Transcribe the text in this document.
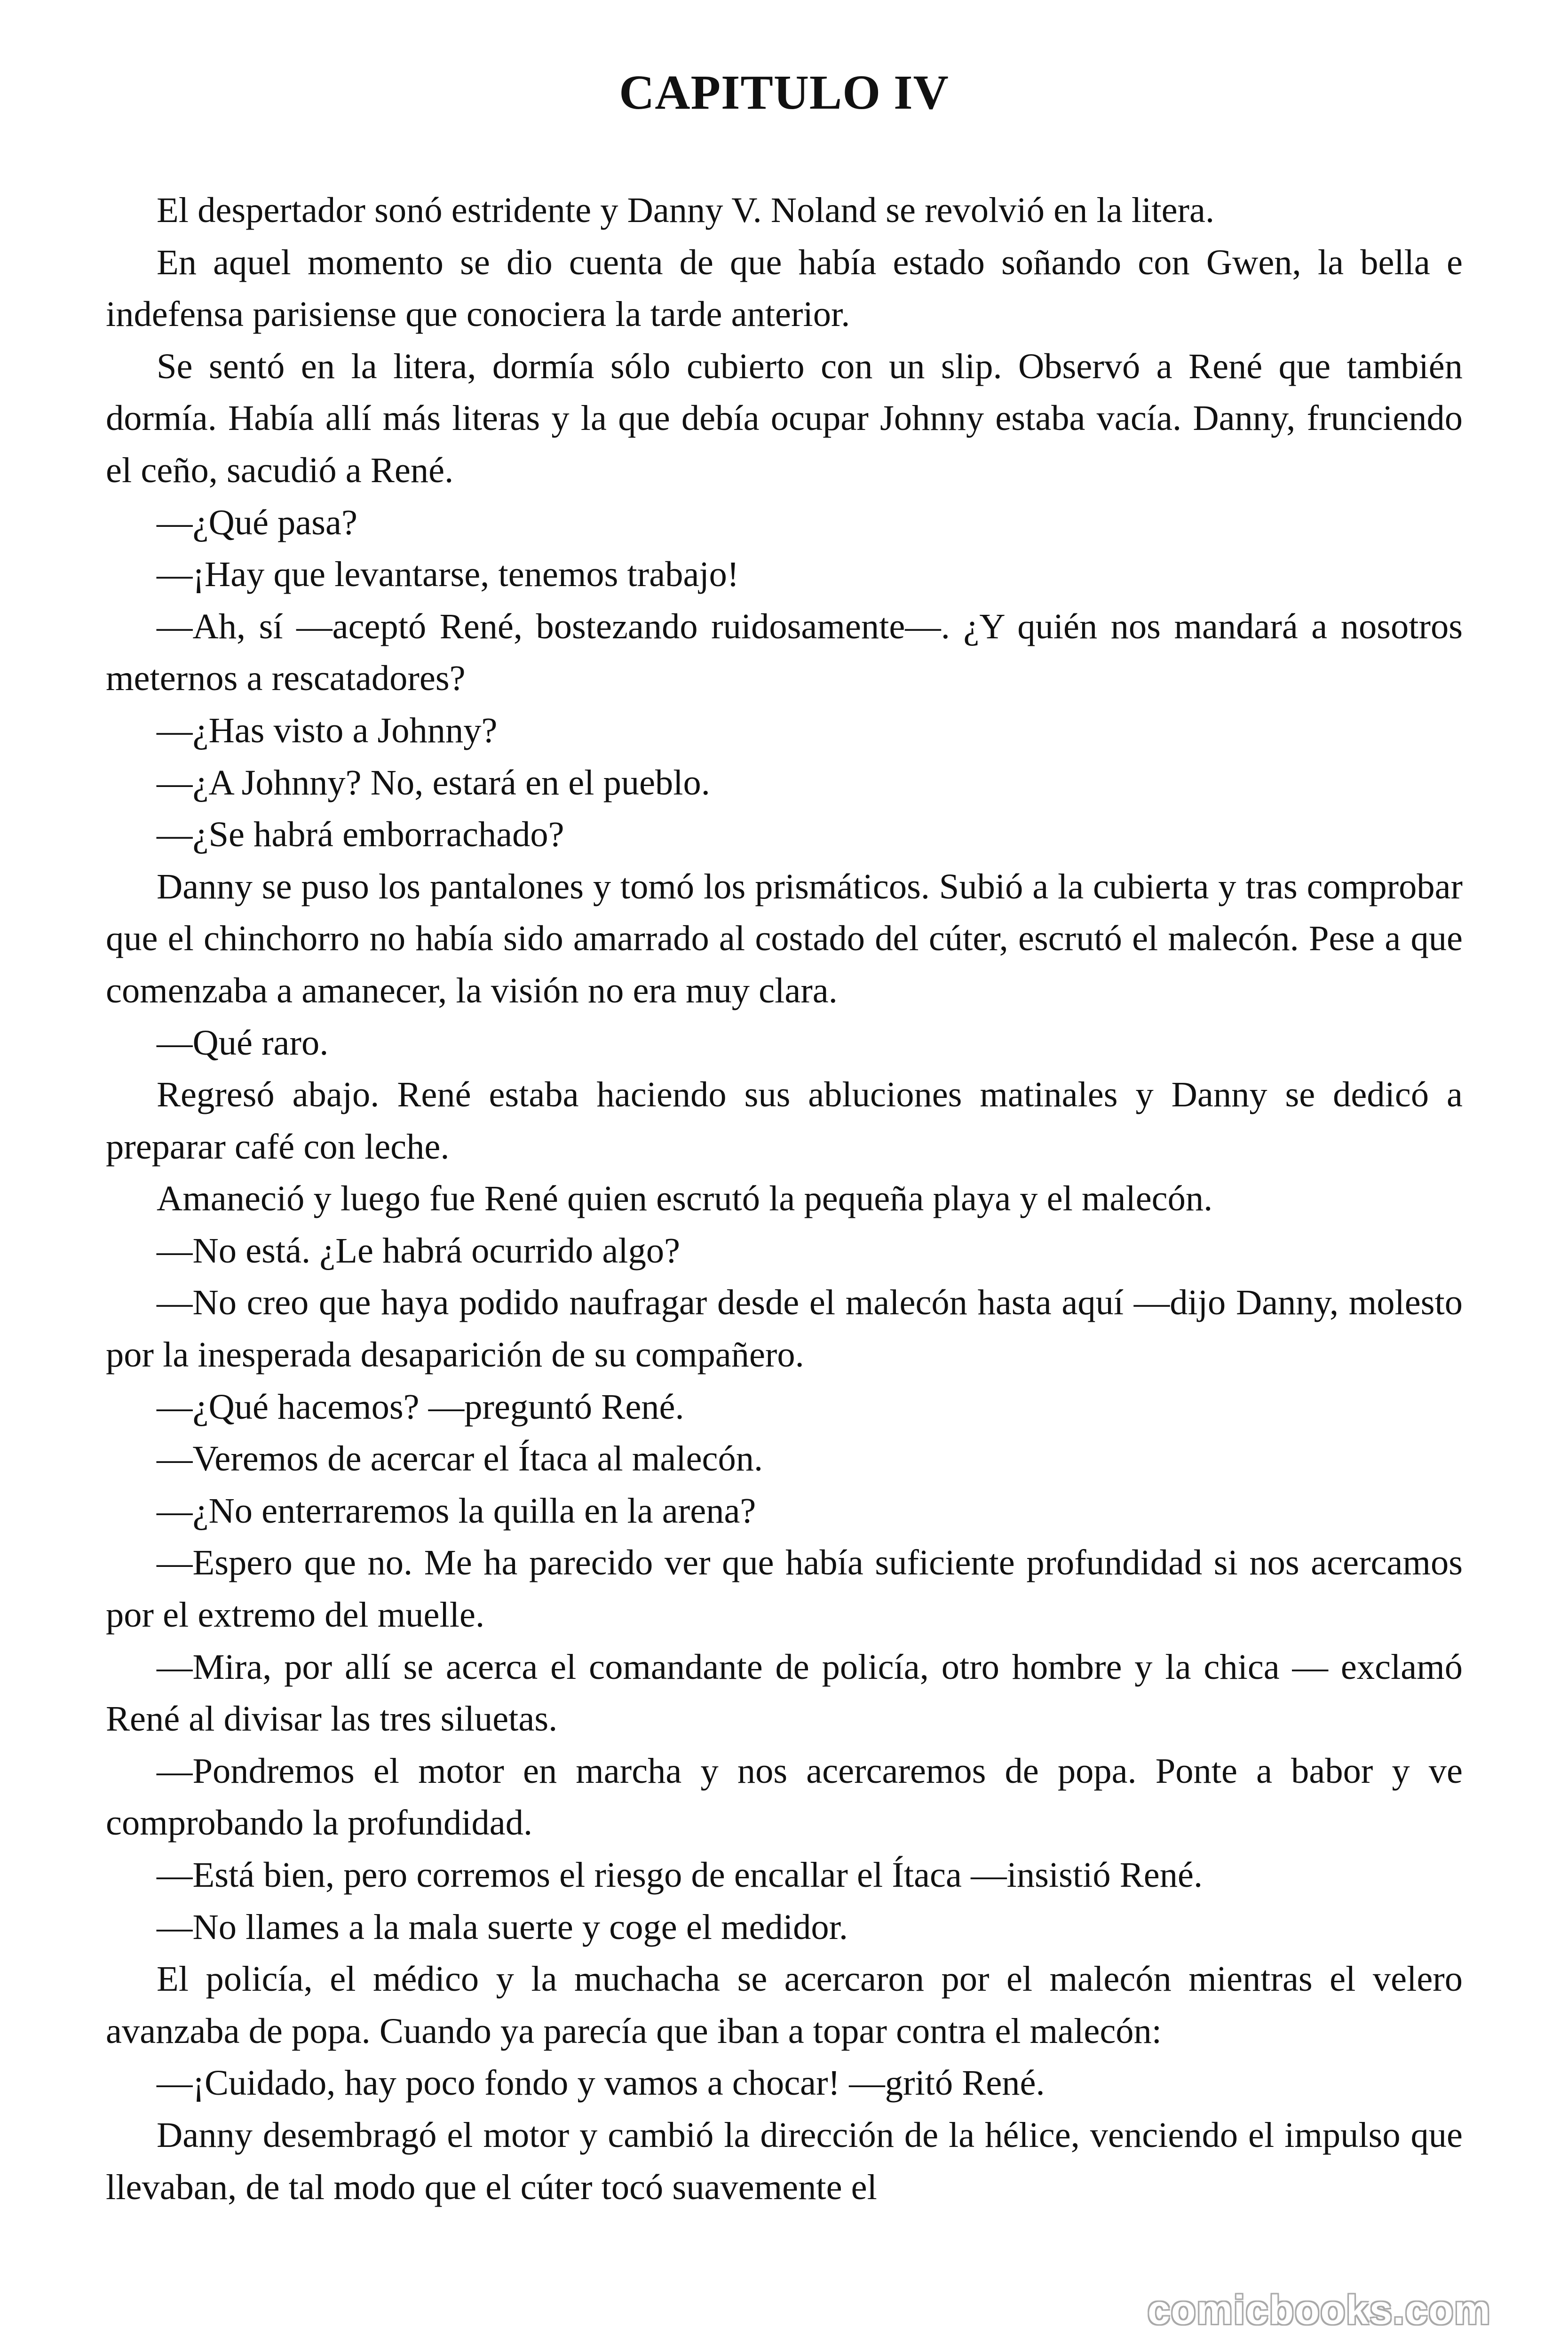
CAPITULO IV

El despertador sonó estridente y Danny V. Noland se revolvió en la litera.

En aquel momento se dio cuenta de que había estado soñando con Gwen, la bella e indefensa parisiense que conociera la tarde anterior.

Se sentó en la litera, dormía sólo cubierto con un slip. Observó a René que también dormía. Había allí más literas y la que debía ocupar Johnny estaba vacía. Danny, frunciendo el ceño, sacudió a René.

—¿Qué pasa?

—¡Hay que levantarse, tenemos trabajo!

—Ah, sí —aceptó René, bostezando ruidosamente—. ¿Y quién nos mandará a nosotros meternos a rescatadores?

—¿Has visto a Johnny?

—¿A Johnny? No, estará en el pueblo.

—¿Se habrá emborrachado?

Danny se puso los pantalones y tomó los prismáticos. Subió a la cubierta y tras comprobar que el chinchorro no había sido amarrado al costado del cúter, escrutó el malecón. Pese a que comenzaba a amanecer, la visión no era muy clara.

—Qué raro.

Regresó abajo. René estaba haciendo sus abluciones matinales y Danny se dedicó a preparar café con leche.

Amaneció y luego fue René quien escrutó la pequeña playa y el malecón.

—No está. ¿Le habrá ocurrido algo?

—No creo que haya podido naufragar desde el malecón hasta aquí —dijo Danny, molesto por la inesperada desaparición de su compañero.

—¿Qué hacemos? —preguntó René.

—Veremos de acercar el Ítaca al malecón.

—¿No enterraremos la quilla en la arena?

—Espero que no. Me ha parecido ver que había suficiente profundidad si nos acercamos por el extremo del muelle.

—Mira, por allí se acerca el comandante de policía, otro hombre y la chica — exclamó René al divisar las tres siluetas.

—Pondremos el motor en marcha y nos acercaremos de popa. Ponte a babor y ve comprobando la profundidad.

—Está bien, pero corremos el riesgo de encallar el Ítaca —insistió René.

—No llames a la mala suerte y coge el medidor.

El policía, el médico y la muchacha se acercaron por el malecón mientras el velero avanzaba de popa. Cuando ya parecía que iban a topar contra el malecón:

—¡Cuidado, hay poco fondo y vamos a chocar! —gritó René.

Danny desembragó el motor y cambió la dirección de la hélice, venciendo el impulso que llevaban, de tal modo que el cúter tocó suavemente el

comicbooks.com
